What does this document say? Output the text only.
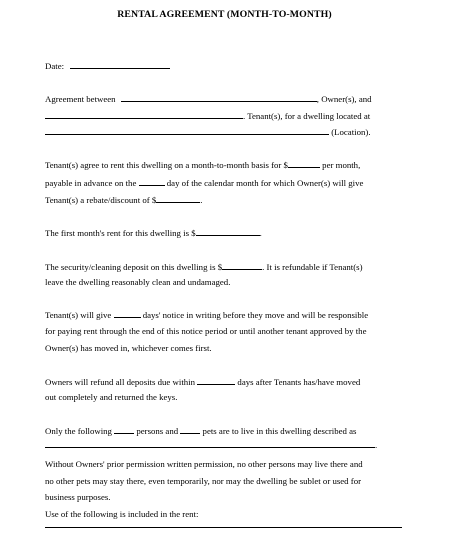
RENTAL AGREEMENT (MONTH-TO-MONTH)
Date:
Agreement between	, Owner(s), and
. Tenant(s), for a dwelling located at
(Location).
Tenant(s) agree to rent this dwelling on a month-to-month basis for $	per month,
payable in advance on the	day of the calendar month for which Owner(s) will give
Tenant(s) a rebate/discount of $	.
The first month's rent for this dwelling is $	.
The security/cleaning deposit on this dwelling is $	. It is refundable if Tenant(s)
leave the dwelling reasonably clean and undamaged.
Tenant(s) will give	days' notice in writing before they move and will be responsible
for paying rent through the end of this notice period or until another tenant approved by the
Owner(s) has moved in, whichever comes first.
Owners will refund all deposits due within	days after Tenants has/have moved
out completely and returned the keys.
Only the following	persons and	pets are to live in this dwelling described as
.
Without Owners' prior permission written permission, no other persons may live there and
no other pets may stay there, even temporarily, nor may the dwelling be sublet or used for
business purposes.
Use of the following is included in the rent:
